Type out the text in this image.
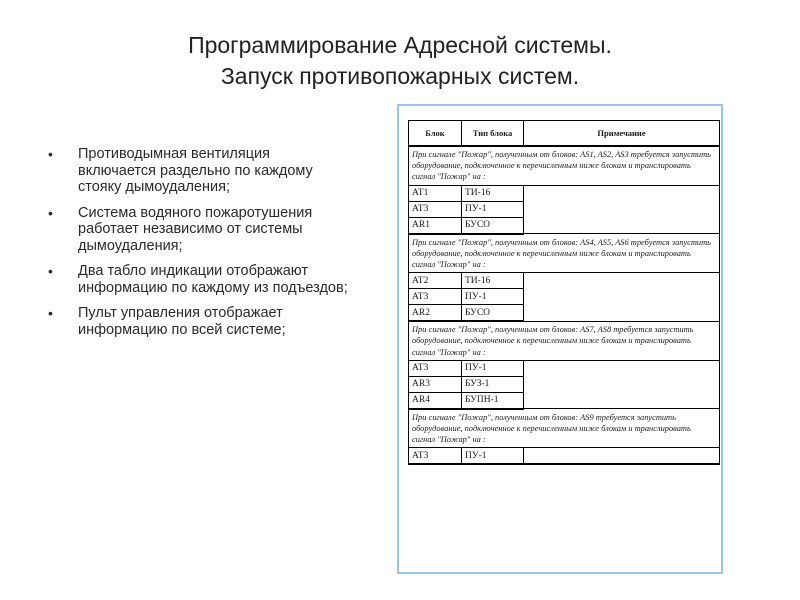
Программирование Адресной системы.
Запуск противопожарных систем.
• Противодымная вентиляция включается раздельно по каждому стояку дымоудаления;
• Система водяного пожаротушения работает независимо от системы дымоудаления;
• Два табло индикации отображают информацию по каждому из подъездов;
• Пульт управления отображает информацию по всей системе;
Блок	Тип блока	Примечание
При сигнале "Пожар", полученным от блоков: AS1, AS2, AS3 требуется запустить оборудование, подключенное к перечисленным ниже блокам и транслировать сигнал "Пожар" на :		
AT1	ТИ-16	
AT3	ПУ-1	
AR1	БУСО	
При сигнале "Пожар", полученным от блоков: AS4, AS5, AS6 требуется запустить оборудование, подключенное к перечисленным ниже блокам и транслировать сигнал "Пожар" на :		
AT2	ТИ-16	
AT3	ПУ-1	
AR2	БУСО	
При сигнале "Пожар", полученным от блоков: AS7, AS8 требуется запустить оборудование, подключенное к перечисленным ниже блокам и транслировать сигнал "Пожар" на :		
AT3	ПУ-1	
AR3	БУЗ-1	
AR4	БУПН-1	
При сигнале "Пожар", полученным от блоков: AS9 требуется запустить оборудование, подключенное к перечисленным ниже блокам и транслировать сигнал "Пожар" на :		
AT3	ПУ-1	
